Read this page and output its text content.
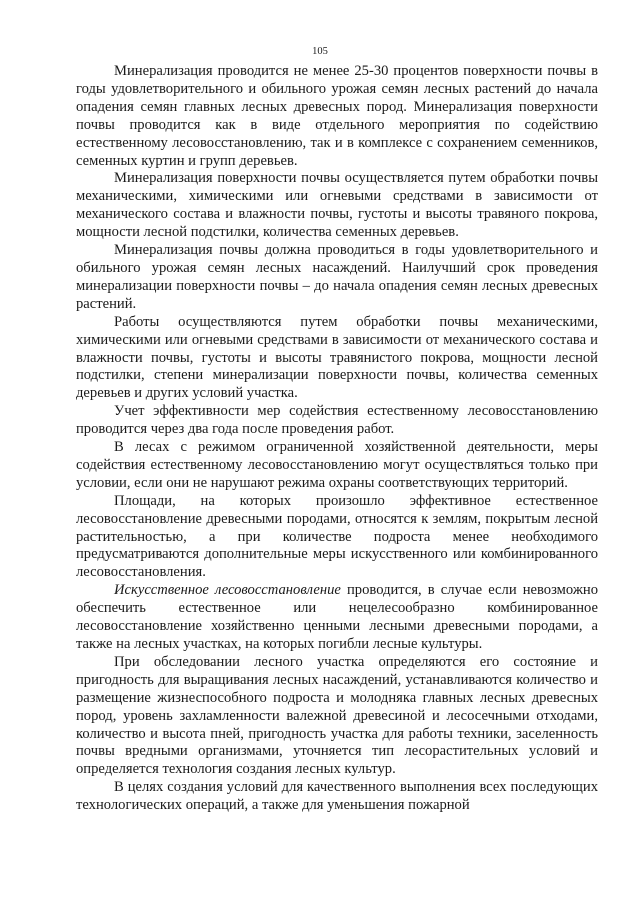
105

Минерализация проводится не менее 25-30 процентов поверхности почвы в годы удовлетворительного и обильного урожая семян лесных растений до начала опадения семян главных лесных древесных пород. Минерализация поверхности почвы проводится как в виде отдельного мероприятия по содействию естественному лесовосстановлению, так и в комплексе с сохранением семенников, семенных куртин и групп деревьев.

Минерализация поверхности почвы осуществляется путем обработки почвы механическими, химическими или огневыми средствами в зависимости от механического состава и влажности почвы, густоты и высоты травяного покрова, мощности лесной подстилки, количества семенных деревьев.

Минерализация почвы должна проводиться в годы удовлетворительного и обильного урожая семян лесных насаждений. Наилучший срок проведения минерализации поверхности почвы – до начала опадения семян лесных древесных растений.

Работы осуществляются путем обработки почвы механическими, химическими или огневыми средствами в зависимости от механического состава и влажности почвы, густоты и высоты травянистого покрова, мощности лесной подстилки, степени минерализации поверхности почвы, количества семенных деревьев и других условий участка.

Учет эффективности мер содействия естественному лесовосстановлению проводится через два года после проведения работ.

В лесах с режимом ограниченной хозяйственной деятельности, меры содействия естественному лесовосстановлению могут осуществляться только при условии, если они не нарушают режима охраны соответствующих территорий.

Площади, на которых произошло эффективное естественное лесовосстановление древесными породами, относятся к землям, покрытым лесной растительностью, а при количестве подроста менее необходимого предусматриваются дополнительные меры искусственного или комбинированного лесовосстановления.

Искусственное лесовосстановление проводится, в случае если невозможно обеспечить естественное или нецелесообразно комбинированное лесовосстановление хозяйственно ценными лесными древесными породами, а также на лесных участках, на которых погибли лесные культуры.

При обследовании лесного участка определяются его состояние и пригодность для выращивания лесных насаждений, устанавливаются количество и размещение жизнеспособного подроста и молодняка главных лесных древесных пород, уровень захламленности валежной древесиной и лесосечными отходами, количество и высота пней, пригодность участка для работы техники, заселенность почвы вредными организмами, уточняется тип лесорастительных условий и определяется технология создания лесных культур.

В целях создания условий для качественного выполнения всех последующих технологических операций, а также для уменьшения пожарной
